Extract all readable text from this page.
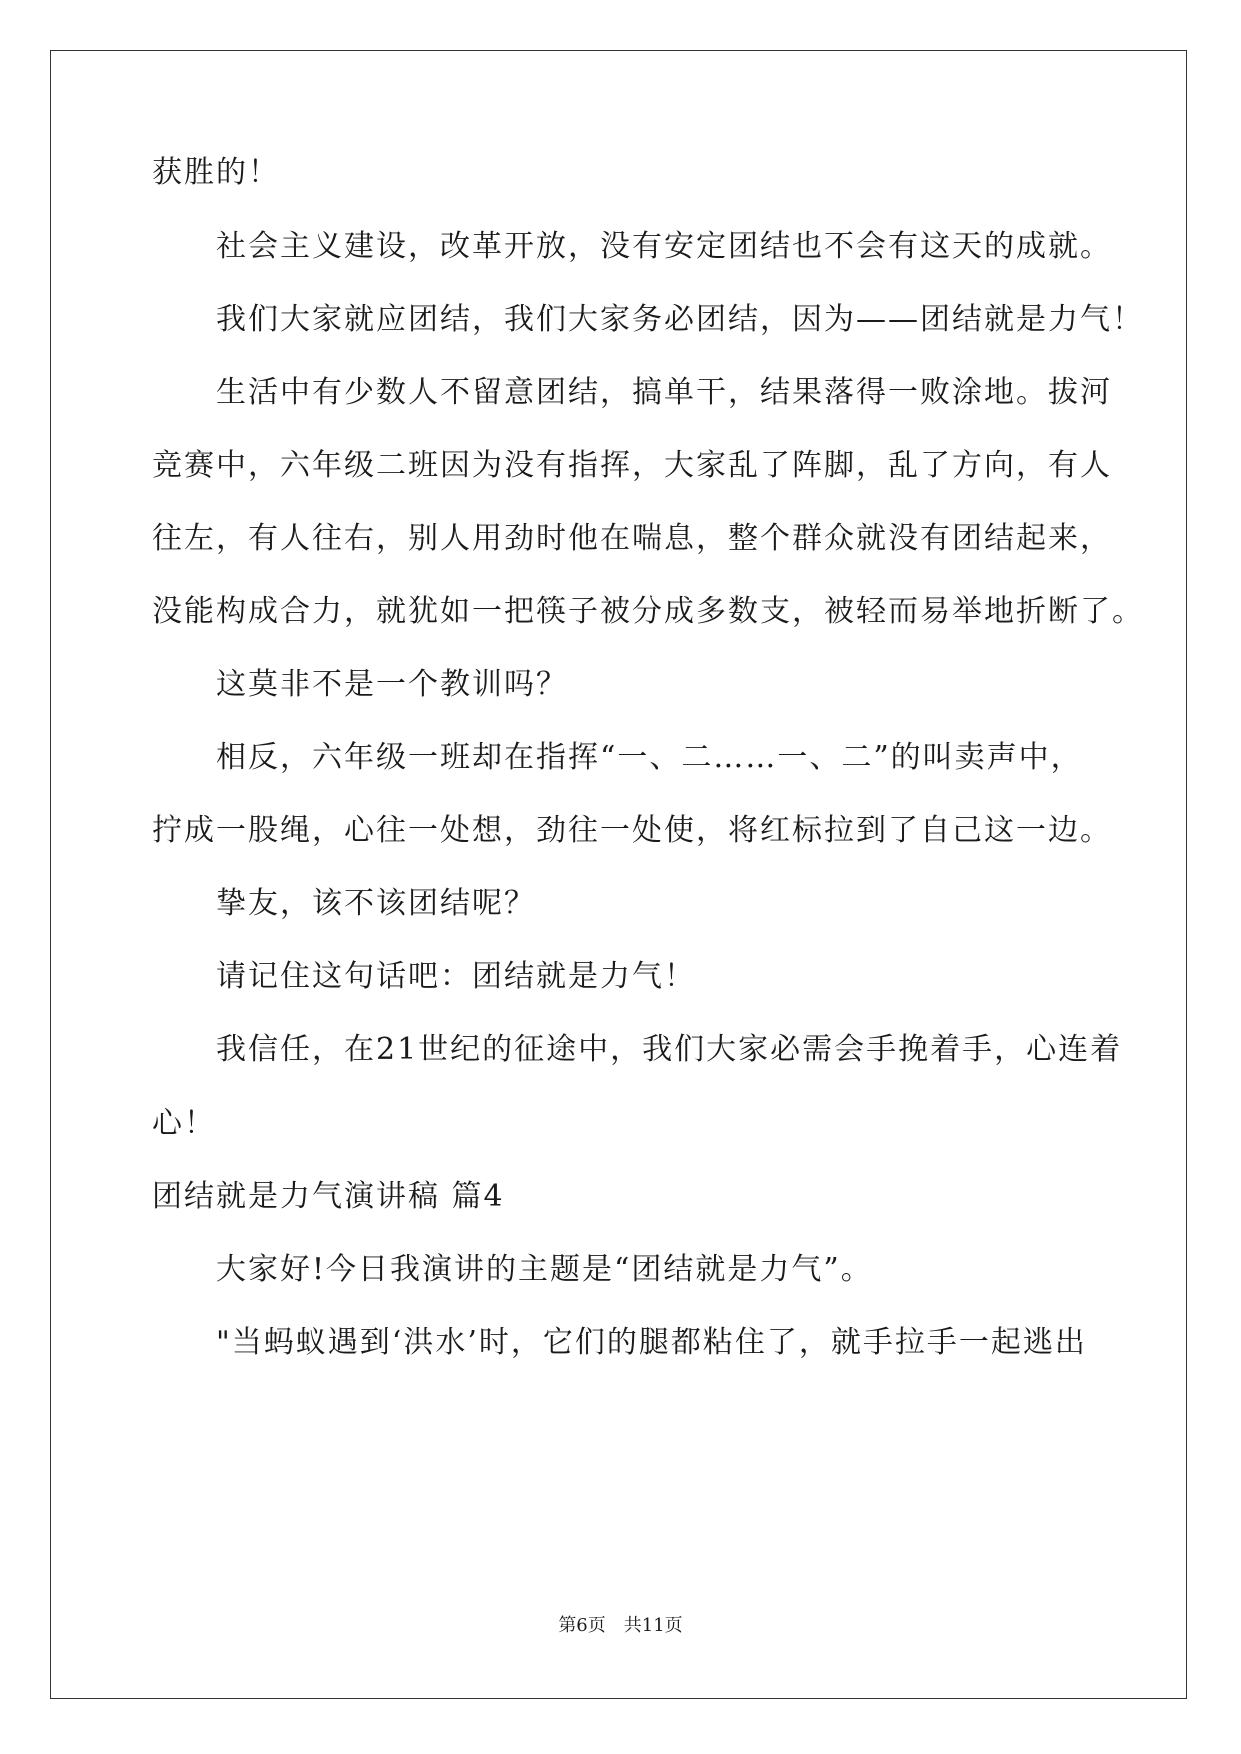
获胜的！
社会主义建设，改革开放，没有安定团结也不会有这天的成就。
我们大家就应团结，我们大家务必团结，因为——团结就是力气！
生活中有少数人不留意团结，搞单干，结果落得一败涂地。拔河
竞赛中，六年级二班因为没有指挥，大家乱了阵脚，乱了方向，有人
往左，有人往右，别人用劲时他在喘息，整个群众就没有团结起来，
没能构成合力，就犹如一把筷子被分成多数支，被轻而易举地折断了。
这莫非不是一个教训吗？
相反，六年级一班却在指挥“一、二……一、二”的叫卖声中，
拧成一股绳，心往一处想，劲往一处使，将红标拉到了自己这一边。
挚友，该不该团结呢？
请记住这句话吧：团结就是力气！
我信任，在21世纪的征途中，我们大家必需会手挽着手，心连着
心！
团结就是力气演讲稿 篇4
大家好!今日我演讲的主题是“团结就是力气”。
"当蚂蚁遇到‘洪水’时，它们的腿都粘住了，就手拉手一起逃出
第6页　共11页
